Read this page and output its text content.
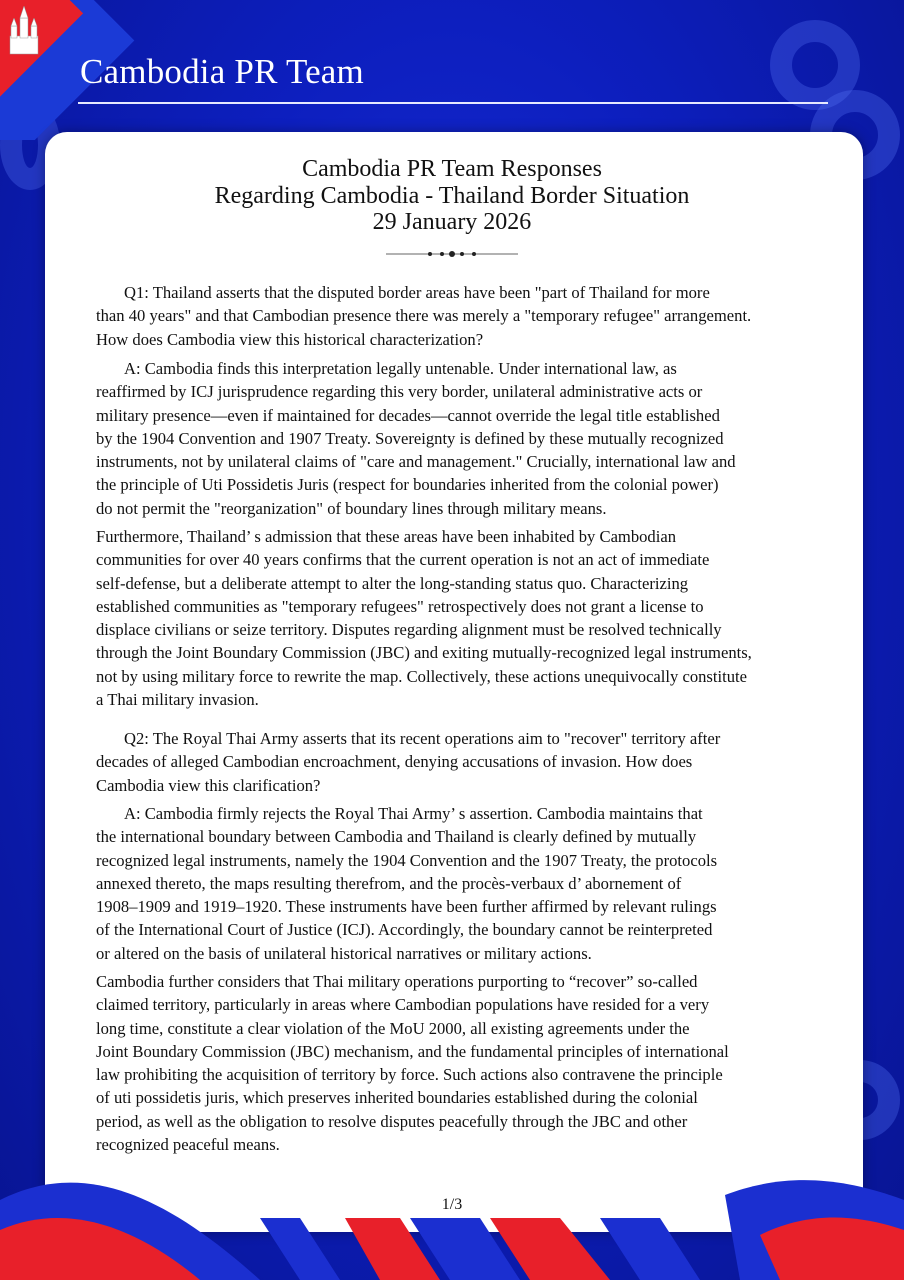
Cambodia PR Team
Cambodia PR Team Responses
Regarding Cambodia - Thailand Border Situation
29 January 2026
Q1: Thailand asserts that the disputed border areas have been "part of Thailand for more
than 40 years" and that Cambodian presence there was merely a "temporary refugee" arrangement.
How does Cambodia view this historical characterization?
A: Cambodia finds this interpretation legally untenable. Under international law, as
reaffirmed by ICJ jurisprudence regarding this very border, unilateral administrative acts or
military presence—even if maintained for decades—cannot override the legal title established
by the 1904 Convention and 1907 Treaty. Sovereignty is defined by these mutually recognized
instruments, not by unilateral claims of "care and management." Crucially, international law and
the principle of Uti Possidetis Juris (respect for boundaries inherited from the colonial power)
do not permit the "reorganization" of boundary lines through military means.
Furthermore, Thailand’ s admission that these areas have been inhabited by Cambodian
communities for over 40 years confirms that the current operation is not an act of immediate
self-defense, but a deliberate attempt to alter the long-standing status quo. Characterizing
established communities as "temporary refugees" retrospectively does not grant a license to
displace civilians or seize territory. Disputes regarding alignment must be resolved technically
through the Joint Boundary Commission (JBC) and exiting mutually-recognized legal instruments,
not by using military force to rewrite the map. Collectively, these actions unequivocally constitute
a Thai military invasion.
Q2: The Royal Thai Army asserts that its recent operations aim to "recover" territory after
decades of alleged Cambodian encroachment, denying accusations of invasion. How does
Cambodia view this clarification?
A: Cambodia firmly rejects the Royal Thai Army’ s assertion. Cambodia maintains that
the international boundary between Cambodia and Thailand is clearly defined by mutually
recognized legal instruments, namely the 1904 Convention and the 1907 Treaty, the protocols
annexed thereto, the maps resulting therefrom, and the procès-verbaux d’ abornement of
1908–1909 and 1919–1920. These instruments have been further affirmed by relevant rulings
of the International Court of Justice (ICJ). Accordingly, the boundary cannot be reinterpreted
or altered on the basis of unilateral historical narratives or military actions.
Cambodia further considers that Thai military operations purporting to “recover” so-called
claimed territory, particularly in areas where Cambodian populations have resided for a very
long time, constitute a clear violation of the MoU 2000, all existing agreements under the
Joint Boundary Commission (JBC) mechanism, and the fundamental principles of international
law prohibiting the acquisition of territory by force. Such actions also contravene the principle
of uti possidetis juris, which preserves inherited boundaries established during the colonial
period, as well as the obligation to resolve disputes peacefully through the JBC and other
recognized peaceful means.
1/3
